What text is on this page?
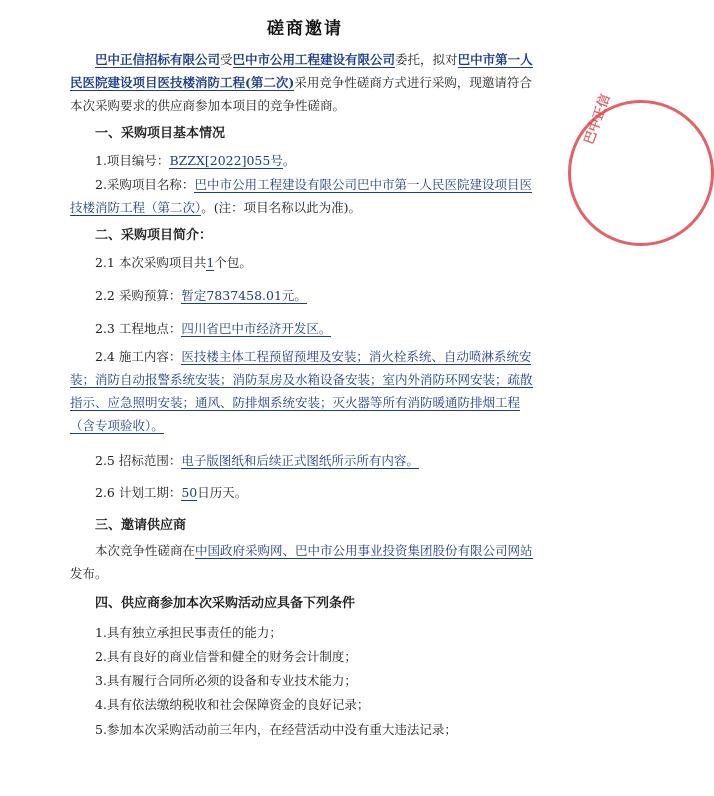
磋商邀请
巴中正信招标有限公司受巴中市公用工程建设有限公司委托，拟对巴中市第一人民医院建设项目医技楼消防工程(第二次)采用竞争性磋商方式进行采购，现邀请符合本次采购要求的供应商参加本项目的竞争性磋商。
一、采购项目基本情况
1.项目编号：BZZX[2022]055号。
2.采购项目名称：巴中市公用工程建设有限公司巴中市第一人民医院建设项目医技楼消防工程（第二次）。(注：项目名称以此为准)。
二、采购项目简介：
2.1 本次采购项目共1个包。
2.2 采购预算：暂定7837458.01元。
2.3 工程地点：四川省巴中市经济开发区。
2.4 施工内容：医技楼主体工程预留预埋及安装；消火栓系统、自动喷淋系统安装；消防自动报警系统安装；消防泵房及水箱设备安装；室内外消防环网安装；疏散指示、应急照明安装；通风、防排烟系统安装；灭火器等所有消防暖通防排烟工程（含专项验收）。
2.5 招标范围：电子版图纸和后续正式图纸所示所有内容。
2.6 计划工期：50日历天。
三、邀请供应商
本次竞争性磋商在中国政府采购网、巴中市公用事业投资集团股份有限公司网站发布。
四、供应商参加本次采购活动应具备下列条件
1.具有独立承担民事责任的能力；
2.具有良好的商业信誉和健全的财务会计制度；
3.具有履行合同所必须的设备和专业技术能力；
4.具有依法缴纳税收和社会保障资金的良好记录；
5.参加本次采购活动前三年内，在经营活动中没有重大违法记录；
巴中正信
